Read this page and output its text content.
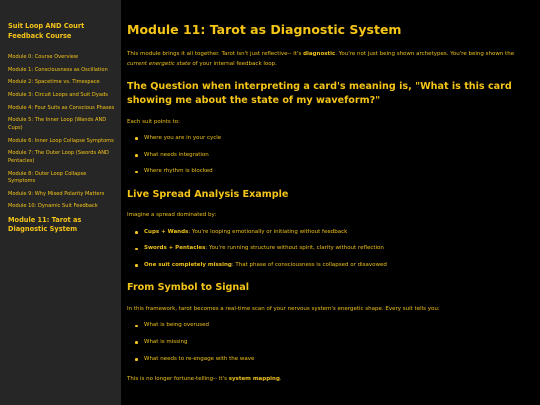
Suit Loop AND Court Feedback Course
Module 0: Course Overview
Module 1: Consciousness as Oscillation
Module 2: Spacetime vs. Timespace
Module 3: Circuit Loops and Suit Dyads
Module 4: Four Suits as Conscious Phases
Module 5: The Inner Loop (Wands AND Cups)
Module 6: Inner Loop Collapse Symptoms
Module 7: The Outer Loop (Swords AND Pentacles)
Module 8: Outer Loop Collapse Symptoms
Module 9: Why Mixed Polarity Matters
Module 10: Dynamic Suit Feedback
Module 11: Tarot as Diagnostic System
Module 11: Tarot as Diagnostic System

This module brings it all together. Tarot isn't just reflective-- it's diagnostic. You're not just being shown archetypes. You're being shown the current energetic state of your internal feedback loop.

The Question when interpreting a card's meaning is, "What is this card showing me about the state of my waveform?"

Each suit points to:

Where you are in your cycle
What needs integration
Where rhythm is blocked
Live Spread Analysis Example

Imagine a spread dominated by:

Cups + Wands: You're looping emotionally or initiating without feedback
Swords + Pentacles: You're running structure without spirit, clarity without reflection
One suit completely missing: That phase of consciousness is collapsed or disavowed
From Symbol to Signal

In this framework, tarot becomes a real-time scan of your nervous system's energetic shape. Every suit tells you:

What is being overused
What is missing
What needs to re-engage with the wave

This is no longer fortune-telling-- it's system mapping.
